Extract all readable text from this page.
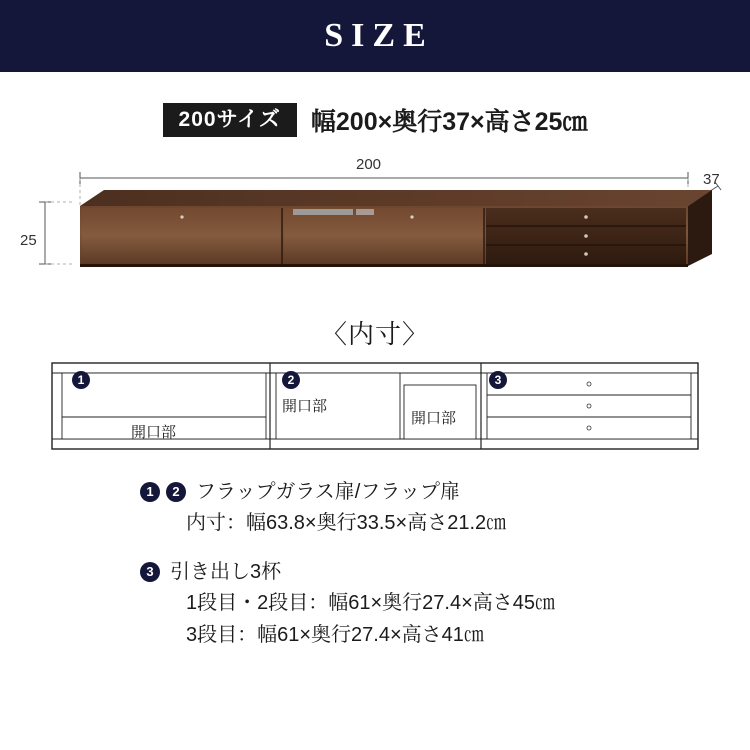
SIZE
200サイズ	幅200×奥行37×高さ25㎝
200
37
25
〈内寸〉
1	2	3
開口部
開口部
開口部
1	2 フラップガラス扉/フラップ扉
内寸：幅63.8×奥行33.5×高さ21.2㎝
3 引き出し3杯
1段目・2段目：幅61×奥行27.4×高さ45㎝
3段目：幅61×奥行27.4×高さ41㎝
